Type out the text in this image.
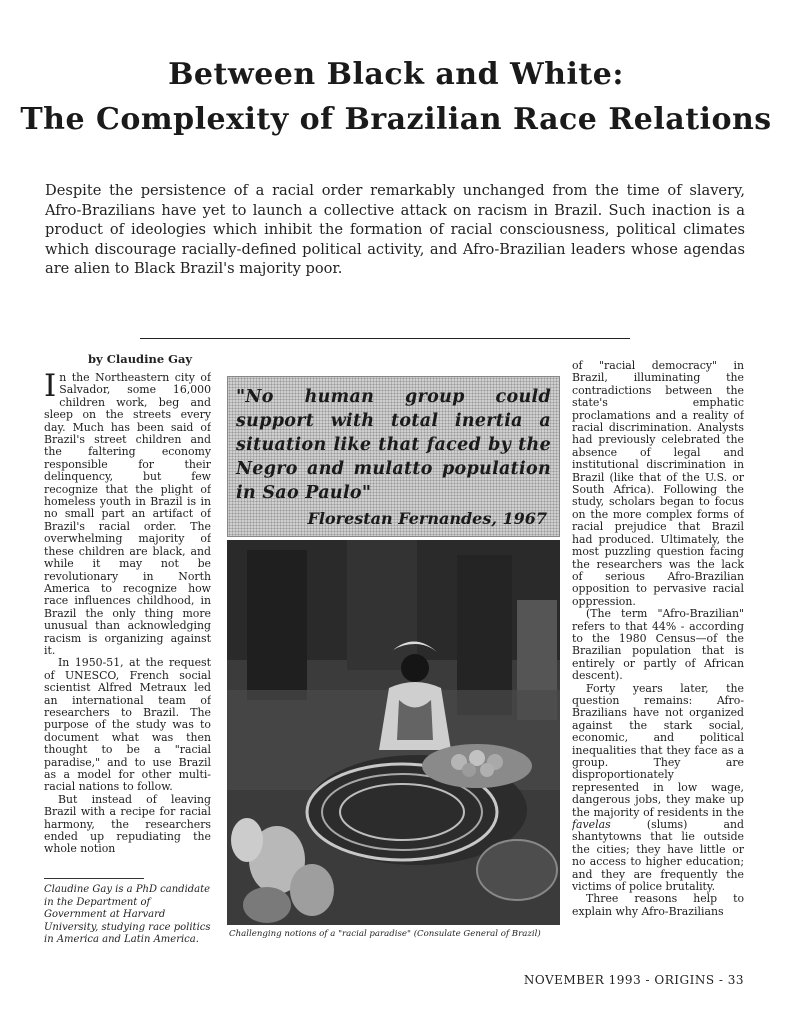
Between Black and White:
The Complexity of Brazilian Race Relations

Despite the persistence of a racial order remarkably unchanged from the time of slavery, Afro-Brazilians have yet to launch a collective attack on racism in Brazil. Such inaction is a product of ideologies which inhibit the formation of racial consciousness, political climates which discourage racially-defined political activity, and Afro-Brazilian leaders whose agendas are alien to Black Brazil's majority poor.

by Claudine Gay

In the Northeastern city of Salvador, some 16,000 children work, beg and sleep on the streets every day. Much has been said of Brazil's street children and the faltering economy responsible for their delinquency, but few recognize that the plight of homeless youth in Brazil is in no small part an artifact of Brazil's racial order. The overwhelming majority of these children are black, and while it may not be revolutionary in North America to recognize how race influences childhood, in Brazil the only thing more unusual than acknowledging racism is organizing against it.

In 1950-51, at the request of UNESCO, French social scientist Alfred Metraux led an international team of researchers to Brazil. The purpose of the study was to document what was then thought to be a "racial paradise," and to use Brazil as a model for other multi-racial nations to follow.

But instead of leaving Brazil with a recipe for racial harmony, the researchers ended up repudiating the whole notion

Claudine Gay is a PhD candidate in the Department of Government at Harvard University, studying race politics in America and Latin America.

"No human group could support with total inertia a situation like that faced by the Negro and mulatto population in Sao Paulo"

Florestan Fernandes, 1967
Challenging notions of a "racial paradise" (Consulate General of Brazil)

of "racial democracy" in Brazil, illuminating the contradictions between the state's emphatic proclamations and a reality of racial discrimination. Analysts had previously celebrated the absence of legal and institutional discrimination in Brazil (like that of the U.S. or South Africa). Following the study, scholars began to focus on the more complex forms of racial prejudice that Brazil had produced. Ultimately, the most puzzling question facing the researchers was the lack of serious Afro-Brazilian opposition to pervasive racial oppression.

(The term "Afro-Brazilian" refers to that 44% - according to the 1980 Census—of the Brazilian population that is entirely or partly of African descent).

Forty years later, the question remains: Afro-Brazilians have not organized against the stark social, economic, and political inequalities that they face as a group. They are disproportionately represented in low wage, dangerous jobs, they make up the majority of residents in the favelas	(slums) and shantytowns that lie outside the cities; they have little or no access to higher education; and they are frequently the victims of police brutality.

Three reasons help to explain why Afro-Brazilians

NOVEMBER 1993 - ORIGINS - 33
